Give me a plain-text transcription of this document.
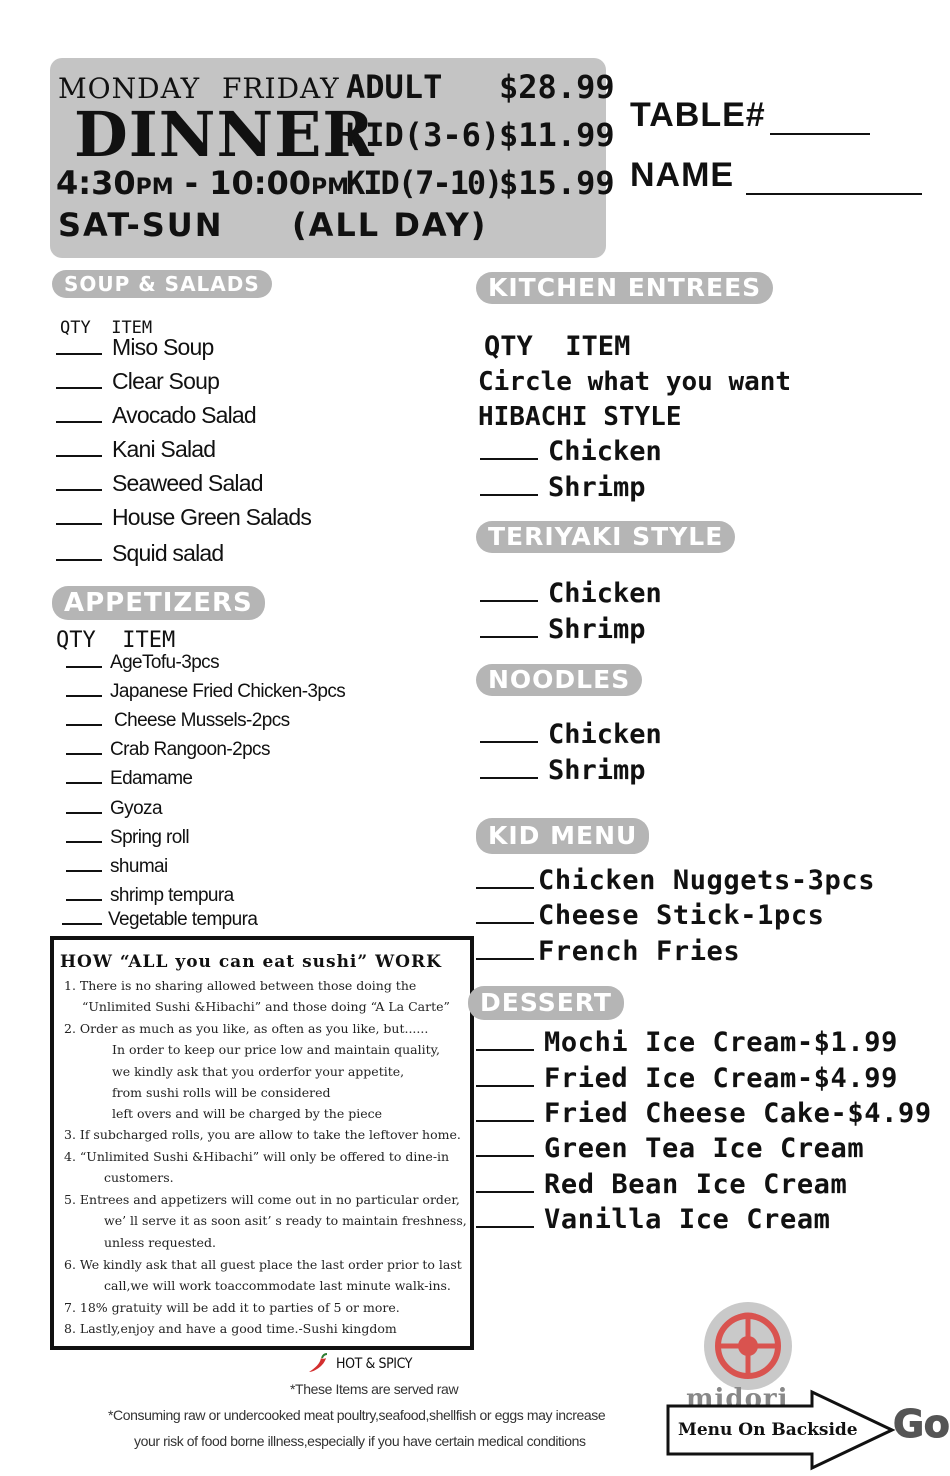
MONDAY FRIDAY
DINNER
4:30PM - 10:00PM
SAT-SUN (ALL DAY)
ADULT $28.99
KID(3-6)
$11.99
KID(7-10)
$15.99
TABLE#
NAME
SOUP & SALADS
QTY ITEM
Miso Soup
Clear Soup
Avocado Salad
Kani Salad
Seaweed Salad
House Green Salads
Squid salad
APPETIZERS
QTY ITEM
AgeTofu-3pcs
Japanese Fried Chicken-3pcs
Cheese Mussels-2pcs
Crab Rangoon-2pcs
Edamame
Gyoza
Spring roll
shumai
shrimp tempura
Vegetable tempura
HOW “ALL you can eat sushi” WORK
1. There is no sharing allowed between those doing the
“Unlimited Sushi &Hibachi” and those doing “A La Carte”
2. Order as much as you like, as often as you like, but......
In order to keep our price low and maintain quality,
we kindly ask that you orderfor your appetite,
from sushi rolls will be considered
left overs and will be charged by the piece
3. If subcharged rolls, you are allow to take the leftover home.
4. “Unlimited Sushi &Hibachi” will only be offered to dine-in
customers.
5. Entrees and appetizers will come out in no particular order,
we’ ll serve it as soon asit’ s ready to maintain freshness,
unless requested.
6. We kindly ask that all guest place the last order prior to last
call,we will work toaccommodate last minute walk-ins.
7. 18% gratuity will be add it to parties of 5 or more.
8. Lastly,enjoy and have a good time.-Sushi kingdom
KITCHEN ENTREES
QTY ITEM
Circle what you want
HIBACHI STYLE
Chicken
Shrimp
TERIYAKI STYLE
Chicken
Shrimp
NOODLES
Chicken
Shrimp
KID MENU
Chicken Nuggets-3pcs
Cheese Stick-1pcs
French Fries
DESSERT
Mochi Ice Cream-$1.99
Fried Ice Cream-$4.99
Fried Cheese Cake-$4.99
Green Tea Ice Cream
Red Bean Ice Cream
Vanilla Ice Cream
HOT & SPICY
*These Items are served raw
*Consuming raw or undercooked meat poultry,seafood,shellfish or eggs may increase
your risk of food borne illness,especially if you have certain medical conditions
midori
Menu On Backside Go
